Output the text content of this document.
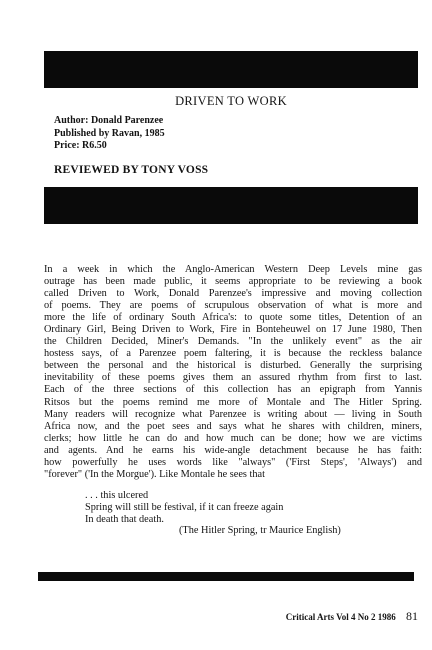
DRIVEN TO WORK
Author: Donald Parenzee
Published by Ravan, 1985
Price: R6.50
REVIEWED BY TONY VOSS
In a week in which the Anglo-American Western Deep Levels mine gas
outrage has been made public, it seems appropriate to be reviewing a book
called Driven to Work, Donald Parenzee's impressive and moving collection
of poems. They are poems of scrupulous observation of what is more and
more the life of ordinary South Africa's: to quote some titles, Detention of an
Ordinary Girl, Being Driven to Work, Fire in Bonteheuwel on 17 June 1980, Then
the Children Decided, Miner's Demands. "In the unlikely event" as the air
hostess says, of a Parenzee poem faltering, it is because the reckless balance
between the personal and the historical is disturbed. Generally the surprising
inevitability of these poems gives them an assured rhythm from first to last.
Each of the three sections of this collection has an epigraph from Yannis
Ritsos but the poems remind me more of Montale and The Hitler Spring.
Many readers will recognize what Parenzee is writing about — living in South
Africa now, and the poet sees and says what he shares with children, miners,
clerks; how little he can do and how much can be done; how we are victims
and agents. And he earns his wide-angle detachment because he has faith:
how powerfully he uses words like "always" ('First Steps', 'Always') and
"forever" ('In the Morgue'). Like Montale he sees that
. . . this ulcered
Spring will still be festival, if it can freeze again
In death that death.
(The Hitler Spring, tr Maurice English)
Critical Arts Vol 4 No 2 1986 81
